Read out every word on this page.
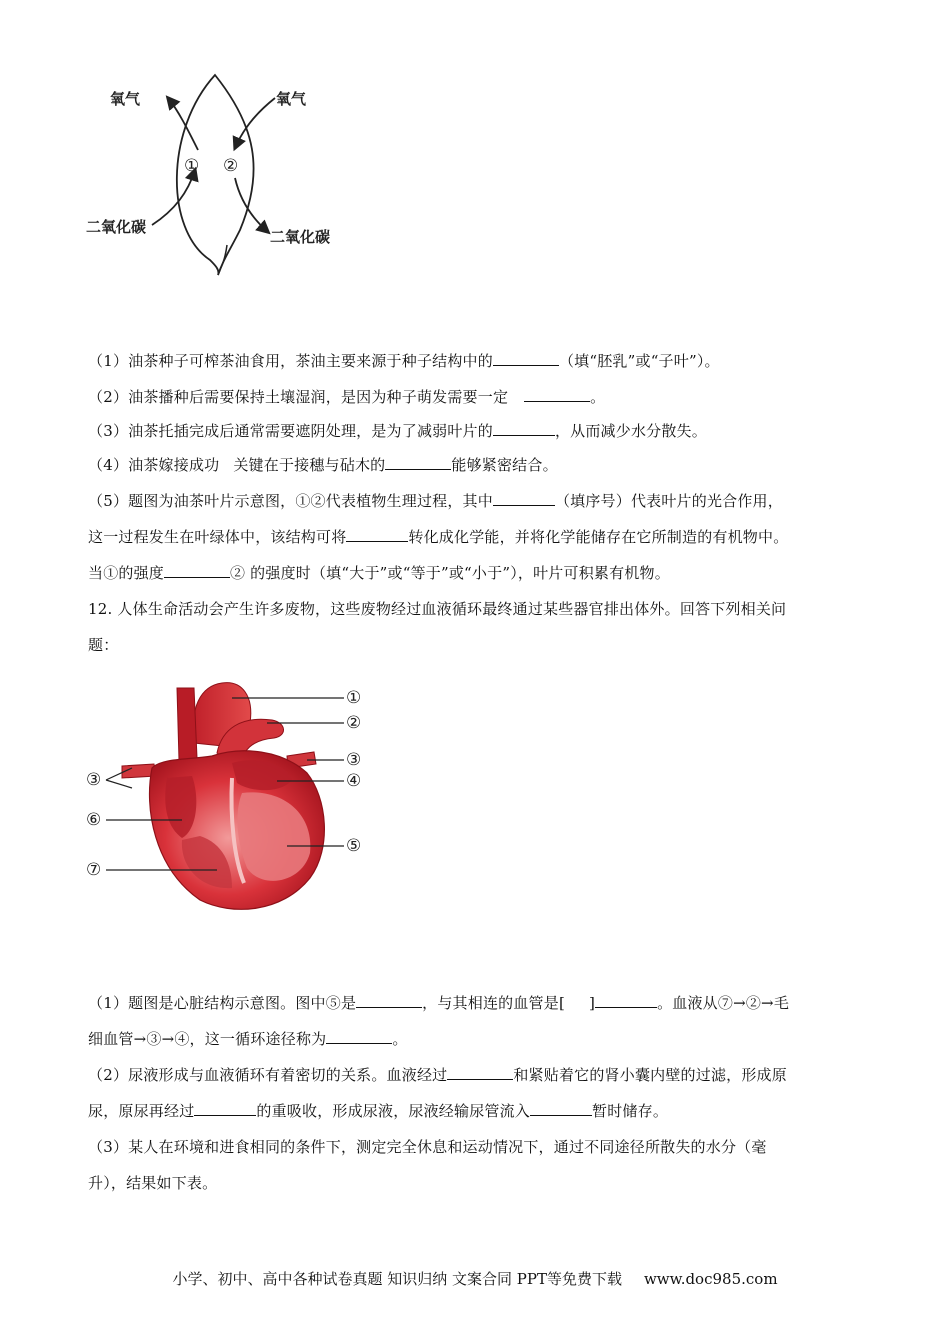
氧气	氧气
二氧化碳
二氧化碳
① ②
（1）油茶种子可榨茶油食用，茶油主要来源于种子结构中的	（填“胚乳”或“子叶”）。
（2）油茶播种后需要保持土壤湿润，是因为种子萌发需要一定	。
（3）油茶托插完成后通常需要遮阴处理，是为了减弱叶片的	，从而减少水分散失。
（4）油茶嫁接成功 关键在于接穗与砧木的	能够紧密结合。
（5）题图为油茶叶片示意图，①②代表植物生理过程，其中	（填序号）代表叶片的光合作用，
这一过程发生在叶绿体中，该结构可将	转化成化学能，并将化学能储存在它所制造的有机物中。
当①的强度	② 的强度时（填“大于”或“等于”或“小于”），叶片可积累有机物。
12. 人体生命活动会产生许多废物，这些废物经过血液循环最终通过某些器官排出体外。回答下列相关问
题：
①
②
③
④
⑤
③
⑥
⑦
（1）题图是心脏结构示意图。图中⑤是	，与其相连的血管是[ ]	。血液从⑦→②→毛
细血管→③→④，这一循环途径称为	。
（2）尿液形成与血液循环有着密切的关系。血液经过	和紧贴着它的肾小囊内壁的过滤，形成原
尿，原尿再经过	的重吸收，形成尿液，尿液经输尿管流入	暂时储存。
（3）某人在环境和进食相同的条件下，测定完全休息和运动情况下，通过不同途径所散失的水分（毫
升），结果如下表。
小学、初中、高中各种试卷真题 知识归纳 文案合同 PPT等免费下载 www.doc985.com
